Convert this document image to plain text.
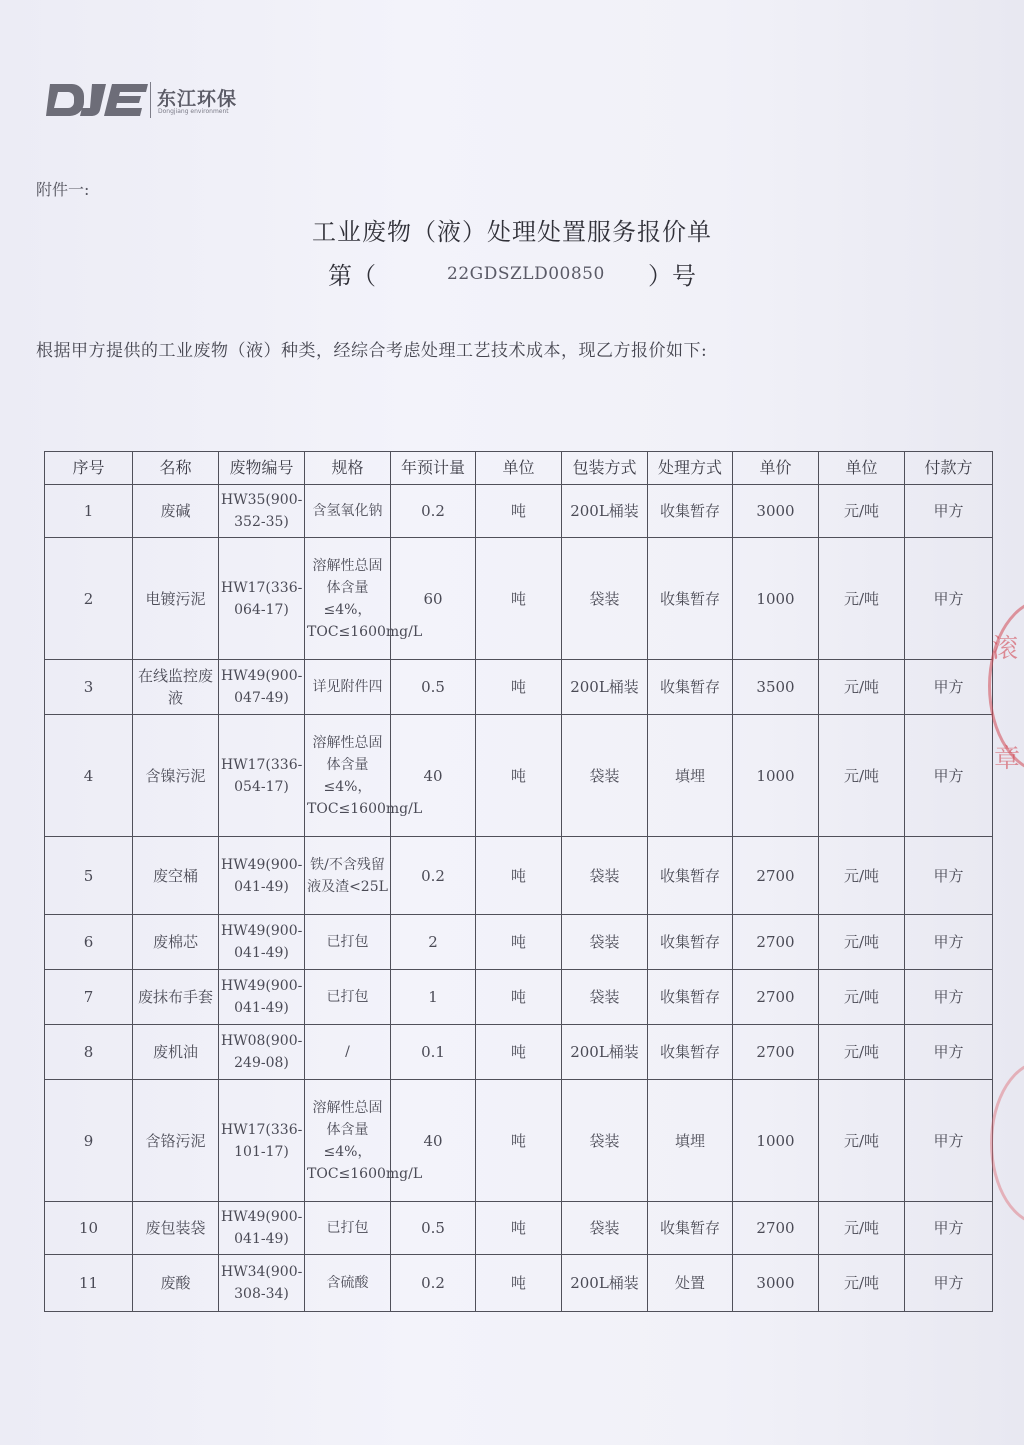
东江环保
Dongjiang environment
附件一:
工业废物（液）处理处置服务报价单
第（	22GDSZLD00850 ）号
根据甲方提供的工业废物（液）种类，经综合考虑处理工艺技术成本，现乙方报价如下:
序号	名称	废物编号	规格	年预计量	单位	包装方式	处理方式	单价	单位	付款方
1	废碱	HW35(900-352-35)	含氢氧化钠	0.2	吨	200L桶装	收集暂存	3000	元/吨	甲方
2	电镀污泥	HW17(336-064-17)	溶解性总固体含量≤4%，TOC≤1600mg/L	60	吨	袋装	收集暂存	1000	元/吨	甲方
3	在线监控废液	HW49(900-047-49)	详见附件四	0.5	吨	200L桶装	收集暂存	3500	元/吨	甲方
4	含镍污泥	HW17(336-054-17)	溶解性总固体含量≤4%，TOC≤1600mg/L	40	吨	袋装	填埋	1000	元/吨	甲方
5	废空桶	HW49(900-041-49)	铁/不含残留液及渣<25L	0.2	吨	袋装	收集暂存	2700	元/吨	甲方
6	废棉芯	HW49(900-041-49)	已打包	2	吨	袋装	收集暂存	2700	元/吨	甲方
7	废抹布手套	HW49(900-041-49)	已打包	1	吨	袋装	收集暂存	2700	元/吨	甲方
8	废机油	HW08(900-249-08)	/	0.1	吨	200L桶装	收集暂存	2700	元/吨	甲方
9	含铬污泥	HW17(336-101-17)	溶解性总固体含量≤4%，TOC≤1600mg/L	40	吨	袋装	填埋	1000	元/吨	甲方
10	废包装袋	HW49(900-041-49)	已打包	0.5	吨	袋装	收集暂存	2700	元/吨	甲方
11	废酸	HW34(900-308-34)	含硫酸	0.2	吨	200L桶装	处置	3000	元/吨	甲方
滚
章
